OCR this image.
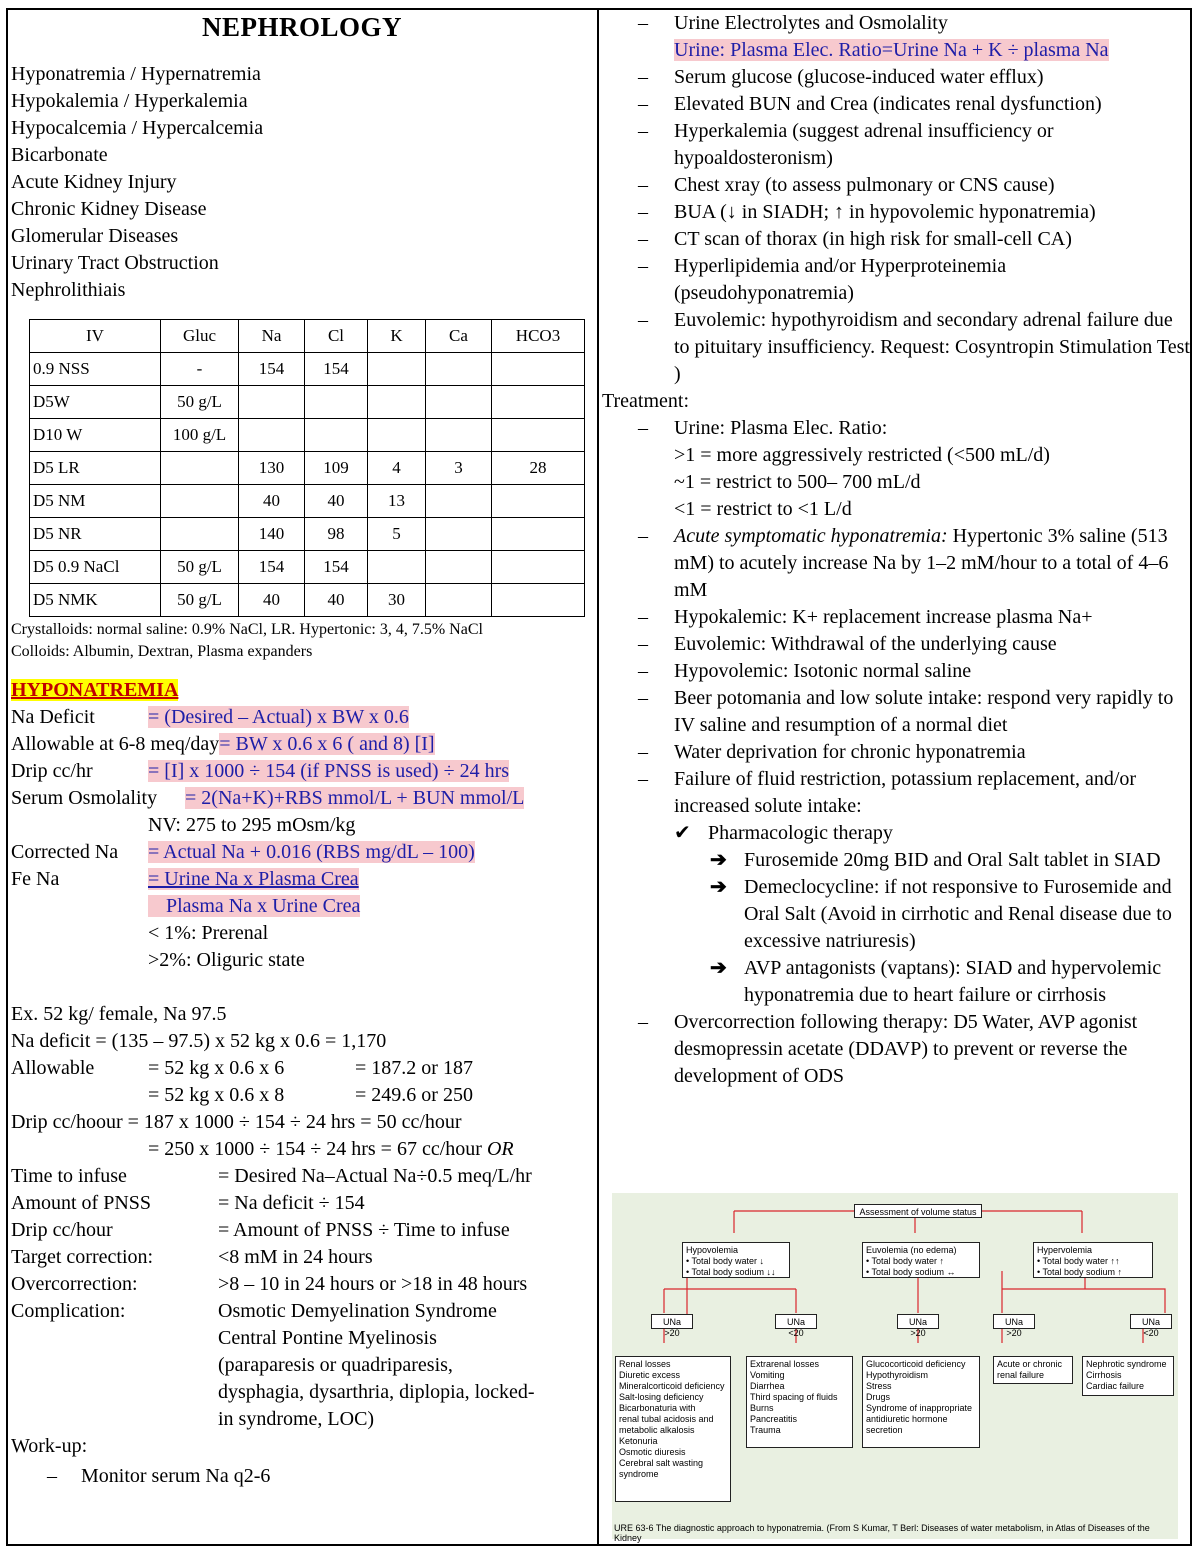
NEPHROLOGY
Hyponatremia / Hypernatremia
Hypokalemia / Hyperkalemia
Hypocalcemia / Hypercalcemia
Bicarbonate
Acute Kidney Injury
Chronic Kidney Disease
Glomerular Diseases
Urinary Tract Obstruction
Nephrolithiais
IV	Gluc	Na	Cl	K	Ca	HCO3
0.9 NSS	-	154	154			
D5W	50 g/L					
D10 W	100 g/L					
D5 LR		130	109	4	3	28
D5 NM		40	40	13		
D5 NR		140	98	5		
D5 0.9 NaCl	50 g/L	154	154			
D5 NMK	50 g/L	40	40	30		
Crystalloids: normal saline: 0.9% NaCl, LR. Hypertonic: 3, 4, 7.5% NaCl
Colloids: Albumin, Dextran, Plasma expanders
HYPONATREMIA
Na Deficit	= (Desired – Actual) x BW x 0.6
Allowable at 6-8 meq/day= BW x 0.6 x 6 ( and 8) [I]
Drip cc/hr	= [I] x 1000 ÷ 154 (if PNSS is used) ÷ 24 hrs
Serum Osmolality = 2(Na+K)+RBS mmol/L + BUN mmol/L
NV: 275 to 295 mOsm/kg
Corrected Na = Actual Na + 0.016 (RBS mg/dL – 100)
Fe Na	= Urine Na x Plasma Crea
Plasma Na x Urine Crea
< 1%: Prerenal
>2%: Oliguric state
Ex. 52 kg/ female, Na 97.5
Na deficit = (135 – 97.5) x 52 kg x 0.6 = 1,170
Allowable	= 52 kg x 0.6 x 6	= 187.2 or 187
= 52 kg x 0.6 x 8	= 249.6 or 250
Drip cc/hoour = 187 x 1000 ÷ 154 ÷ 24 hrs = 50 cc/hour
= 250 x 1000 ÷ 154 ÷ 24 hrs = 67 cc/hour OR
Time to infuse	= Desired Na–Actual Na÷0.5 meq/L/hr
Amount of PNSS	= Na deficit ÷ 154
Drip cc/hour	= Amount of PNSS ÷ Time to infuse
Target correction:	<8 mM in 24 hours
Overcorrection:	>8 – 10 in 24 hours or >18 in 48 hours
Complication:	Osmotic Demyelination Syndrome
Central Pontine Myelinosis
(paraparesis or quadriparesis,
dysphagia, dysarthria, diplopia, locked-
in syndrome, LOC)
Work-up:
– Monitor serum Na q2-6
– Urine Electrolytes and Osmolality
Urine: Plasma Elec. Ratio=Urine Na + K ÷ plasma Na
– Serum glucose (glucose-induced water efflux)
– Elevated BUN and Crea (indicates renal dysfunction)
– Hyperkalemia (suggest adrenal insufficiency or hypoaldosteronism)
– Chest xray (to assess pulmonary or CNS cause)
– BUA (↓ in SIADH; ↑ in hypovolemic hyponatremia)
– CT scan of thorax (in high risk for small-cell CA)
– Hyperlipidemia and/or Hyperproteinemia (pseudohyponatremia)
– Euvolemic: hypothyroidism and secondary adrenal failure due to pituitary insufficiency. Request: Cosyntropin Stimulation Test )
Treatment:
– Urine: Plasma Elec. Ratio:
>1 = more aggressively restricted (<500 mL/d)
~1 = restrict to 500– 700 mL/d
<1 = restrict to <1 L/d
– Acute symptomatic hyponatremia: Hypertonic 3% saline (513 mM) to acutely increase Na by 1–2 mM/hour to a total of 4–6 mM
– Hypokalemic: K+ replacement increase plasma Na+
– Euvolemic: Withdrawal of the underlying cause
– Hypovolemic: Isotonic normal saline
– Beer potomania and low solute intake: respond very rapidly to IV saline and resumption of a normal diet
– Water deprivation for chronic hyponatremia
– Failure of fluid restriction, potassium replacement, and/or increased solute intake:
✔ Pharmacologic therapy
➔ Furosemide 20mg BID and Oral Salt tablet in SIAD
➔ Demeclocycline: if not responsive to Furosemide and Oral Salt (Avoid in cirrhotic and Renal disease due to excessive natriuresis)
➔ AVP antagonists (vaptans): SIAD and hypervolemic hyponatremia due to heart failure or cirrhosis
– Overcorrection following therapy: D5 Water, AVP agonist desmopressin acetate (DDAVP) to prevent or reverse the development of ODS
Assessment of volume status
Hypovolemia
• Total body water ↓
• Total body sodium ↓↓
Euvolemia (no edema)
• Total body water ↑
• Total body sodium ↔
Hypervolemia
• Total body water ↑↑
• Total body sodium ↑
UNa >20
UNa <20
UNa >20
UNa >20
UNa <20
Renal losses
Diuretic excess
Mineralcorticoid deficiency
Salt-losing deficiency
Bicarbonaturia with
renal tubal acidosis and
metabolic alkalosis
Ketonuria
Osmotic diuresis
Cerebral salt wasting
syndrome
Extrarenal losses
Vomiting
Diarrhea
Third spacing of fluids
Burns
Pancreatitis
Trauma
Glucocorticoid deficiency
Hypothyroidism
Stress
Drugs
Syndrome of inappropriate
antidiuretic hormone
secretion
Acute or chronic
renal failure
Nephrotic syndrome
Cirrhosis
Cardiac failure
URE 63-6 The diagnostic approach to hyponatremia. (From S Kumar, T Berl: Diseases of water metabolism, in Atlas of Diseases of the Kidney
